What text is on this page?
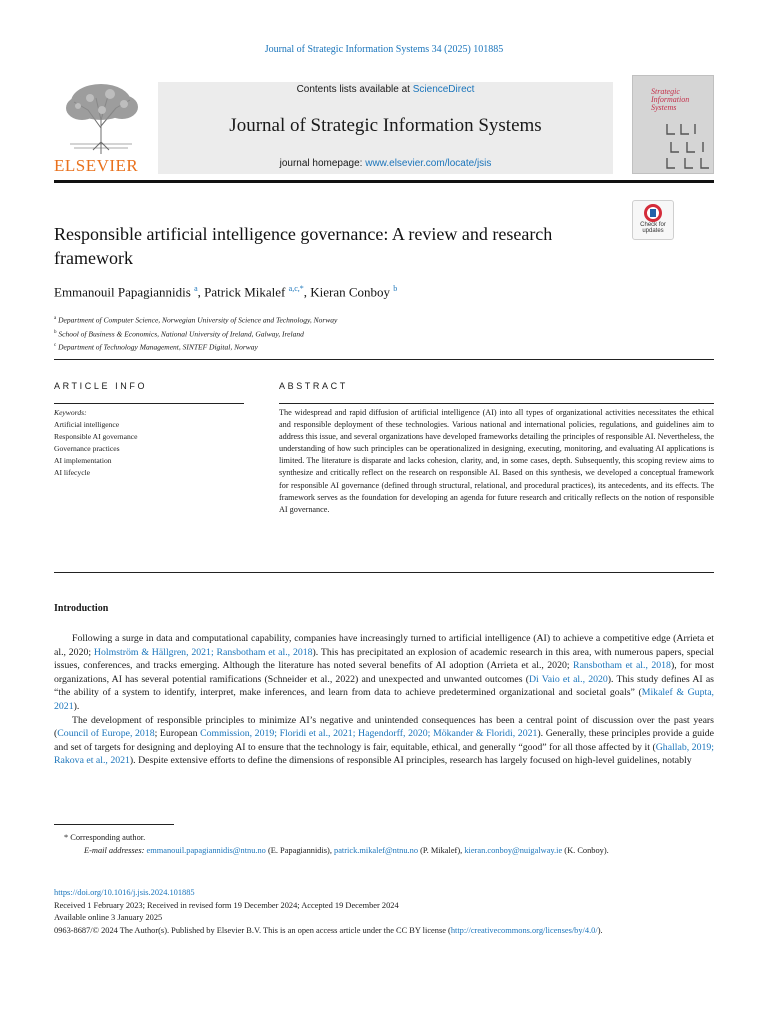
Journal of Strategic Information Systems 34 (2025) 101885
ELSEVIER
Contents lists available at ScienceDirect
Journal of Strategic Information Systems
journal homepage: www.elsevier.com/locate/jsis
Strategic Information Systems
Check for updates
Responsible artificial intelligence governance: A review and research framework
Emmanouil Papagiannidis $^a$, Patrick Mikalef $^{a,c,*}$, Kieran Conboy $^b$
$^a$ Department of Computer Science, Norwegian University of Science and Technology, Norway
$^b$ School of Business & Economics, National University of Ireland, Galway, Ireland
$^c$ Department of Technology Management, SINTEF Digital, Norway
ARTICLE INFO	ABSTRACT
Keywords:
Artificial intelligence
Responsible AI governance
Governance practices
AI implementation
AI lifecycle
The widespread and rapid diffusion of artificial intelligence (AI) into all types of organizational activities necessitates the ethical and responsible deployment of these technologies. Various national and international policies, regulations, and guidelines aim to address this issue, and several organizations have developed frameworks detailing the principles of responsible AI. Nevertheless, the understanding of how such principles can be operationalized in designing, executing, monitoring, and evaluating AI applications is limited. The literature is disparate and lacks cohesion, clarity, and, in some cases, depth. Subsequently, this scoping review aims to synthesize and critically reflect on the research on responsible AI. Based on this synthesis, we developed a conceptual framework for responsible AI governance (defined through structural, relational, and procedural practices), its antecedents, and its effects. The framework serves as the foundation for developing an agenda for future research and critically reflects on the notion of responsible AI governance.
Introduction

Following a surge in data and computational capability, companies have increasingly turned to artificial intelligence (AI) to achieve a competitive edge (Arrieta et al., 2020; Holmström & Hällgren, 2021; Ransbotham et al., 2018). This has precipitated an explosion of academic research in this area, with numerous papers, special issues, conferences, and tracks emerging. Although the literature has noted several benefits of AI adoption (Arrieta et al., 2020; Ransbotham et al., 2018), for most organizations, AI has several potential ramifications (Schneider et al., 2022) and unexpected and unwanted outcomes (Di Vaio et al., 2020). This study defines AI as “the ability of a system to identify, interpret, make inferences, and learn from data to achieve predetermined organizational and societal goals” (Mikalef & Gupta, 2021).

The development of responsible principles to minimize AI’s negative and unintended consequences has been a central point of discussion over the past years (Council of Europe, 2018; European Commission, 2019; Floridi et al., 2021; Hagendorff, 2020; Mökander & Floridi, 2021). Generally, these principles provide a guide and set of targets for designing and deploying AI to ensure that the technology is fair, equitable, ethical, and generally “good” for all those affected by it (Ghallab, 2019; Rakova et al., 2021). Despite extensive efforts to define the dimensions of responsible AI principles, research has largely focused on high-level guidelines, notably

* Corresponding author.
E-mail addresses: emmanouil.papagiannidis@ntnu.no (E. Papagiannidis), patrick.mikalef@ntnu.no (P. Mikalef), kieran.conboy@nuigalway.ie (K. Conboy).
https://doi.org/10.1016/j.jsis.2024.101885
Received 1 February 2023; Received in revised form 19 December 2024; Accepted 19 December 2024
Available online 3 January 2025
0963-8687/© 2024 The Author(s). Published by Elsevier B.V. This is an open access article under the CC BY license (http://creativecommons.org/licenses/by/4.0/).
